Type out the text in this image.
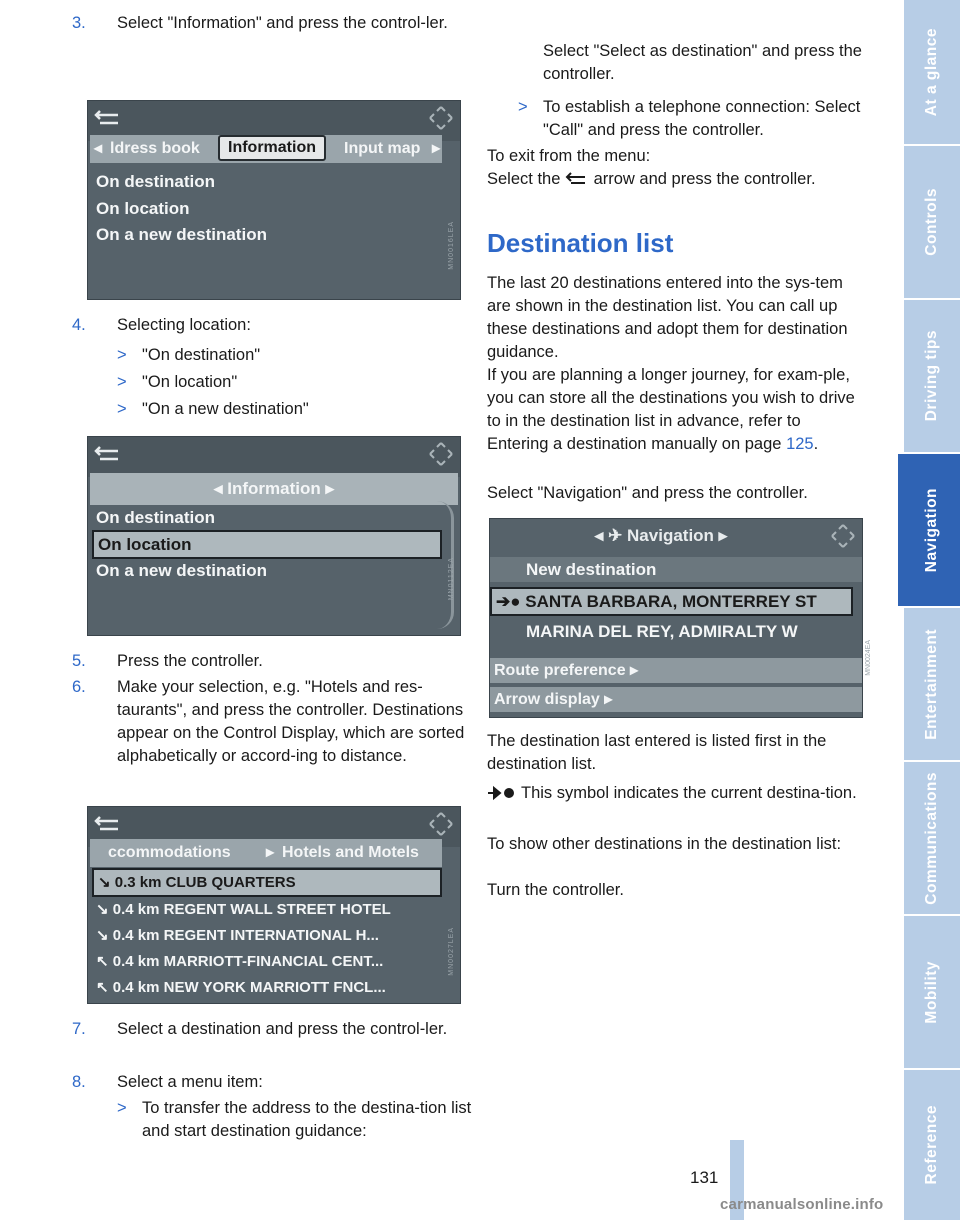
3. Select "Information" and press the control-ler.
◂ ldress book	Information	Input map ▸
On destination
On location
On a new destination	MN0016LEA
4. Selecting location:
> "On destination"
> "On location"
> "On a new destination"
◂ Information ▸
On destination
On location
On a new destination	MN0112EA
5. Press the controller.
6. Make your selection, e.g. "Hotels and res-taurants", and press the controller. Destinations appear on the Control Display, which are sorted alphabetically or accord-ing to distance.
ccommodations ▸ Hotels and Motels
↘ 0.3 km CLUB QUARTERS
↘ 0.4 km REGENT WALL STREET HOTEL
↘ 0.4 km REGENT INTERNATIONAL H...
↖ 0.4 km MARRIOTT-FINANCIAL CENT...
↖ 0.4 km NEW YORK MARRIOTT FNCL...
MN0027LEA
7. Select a destination and press the control-ler.
8. Select a menu item:
> To transfer the address to the destina-tion list and start destination guidance:

Select "Select as destination" and press the controller.

> To establish a telephone connection: Select "Call" and press the controller.

To exit from the menu:

Select the arrow and press the controller.

Destination list

The last 20 destinations entered into the sys-tem are shown in the destination list. You can call up these destinations and adopt them for destination guidance.

If you are planning a longer journey, for exam-ple, you can store all the destinations you wish to drive to in the destination list in advance, refer to Entering a destination manually on page 125.

Select "Navigation" and press the controller.

◂ ✈ Navigation ▸
New destination
➔● SANTA BARBARA, MONTERREY ST
MARINA DEL REY, ADMIRALTY W
Route preference ▸
Arrow display ▸
MN0024EA

The destination last entered is listed first in the destination list.

This symbol indicates the current destina-tion.

To show other destinations in the destination list:

Turn the controller.

At a glance
Controls
Driving tips
Navigation
Entertainment
Communications
Mobility
Reference
131
carmanualsonline.info
